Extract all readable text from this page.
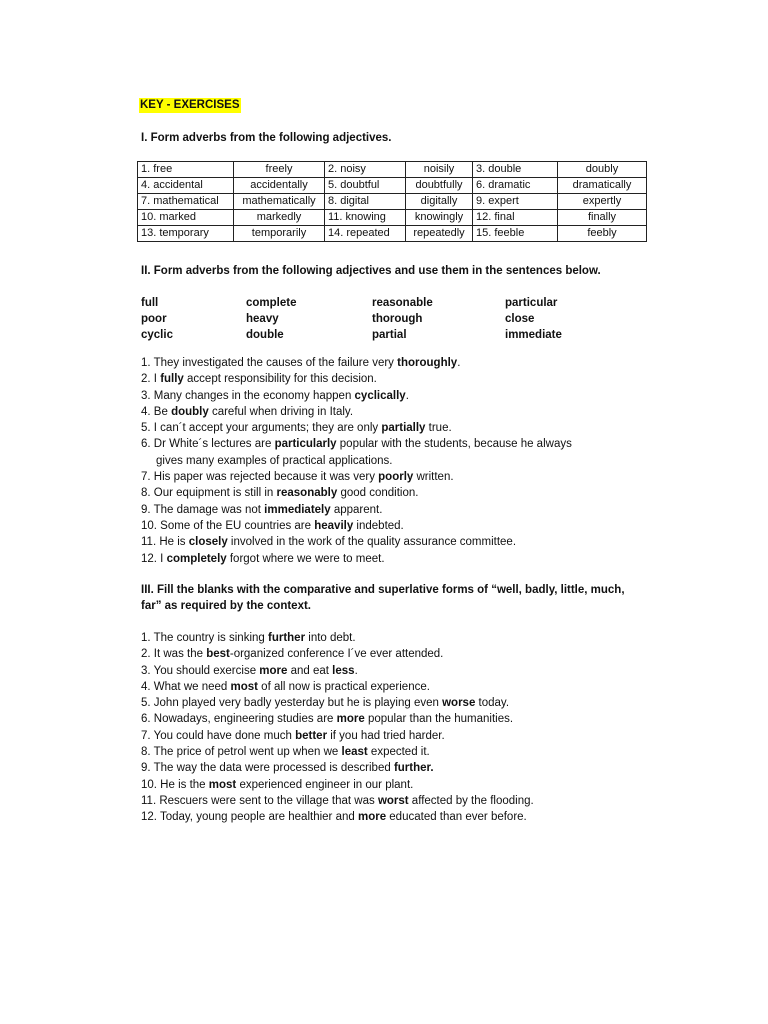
KEY - EXERCISES
I. Form adverbs from the following adjectives.
1. free	freely	2. noisy	noisily	3. double	doubly
4. accidental	accidentally	5. doubtful	doubtfully	6. dramatic	dramatically
7. mathematical	mathematically	8. digital	digitally	9. expert	expertly
10. marked	markedly	11. knowing	knowingly	12. final	finally
13. temporary	temporarily	14. repeated	repeatedly	15. feeble	feebly
II. Form adverbs from the following adjectives and use them in the sentences below.
full	complete	reasonable	particular
poor	heavy	thorough	close
cyclic	double	partial	immediate
1. They investigated the causes of the failure very thoroughly.
2. I fully accept responsibility for this decision.
3. Many changes in the economy happen cyclically.
4. Be doubly careful when driving in Italy.
5. I can´t accept your arguments; they are only partially true.
6. Dr White´s lectures are particularly popular with the students, because he always
gives many examples of practical applications.
7. His paper was rejected because it was very poorly written.
8. Our equipment is still in reasonably good condition.
9. The damage was not immediately apparent.
10. Some of the EU countries are heavily indebted.
11. He is closely involved in the work of the quality assurance committee.
12. I completely forgot where we were to meet.
III. Fill the blanks with the comparative and superlative forms of “well, badly, little, much,
far” as required by the context.
1. The country is sinking further into debt.
2. It was the best-organized conference I´ve ever attended.
3. You should exercise more and eat less.
4. What we need most of all now is practical experience.
5. John played very badly yesterday but he is playing even worse today.
6. Nowadays, engineering studies are more popular than the humanities.
7. You could have done much better if you had tried harder.
8. The price of petrol went up when we least expected it.
9. The way the data were processed is described further.
10. He is the most experienced engineer in our plant.
11. Rescuers were sent to the village that was worst affected by the flooding.
12. Today, young people are healthier and more educated than ever before.
